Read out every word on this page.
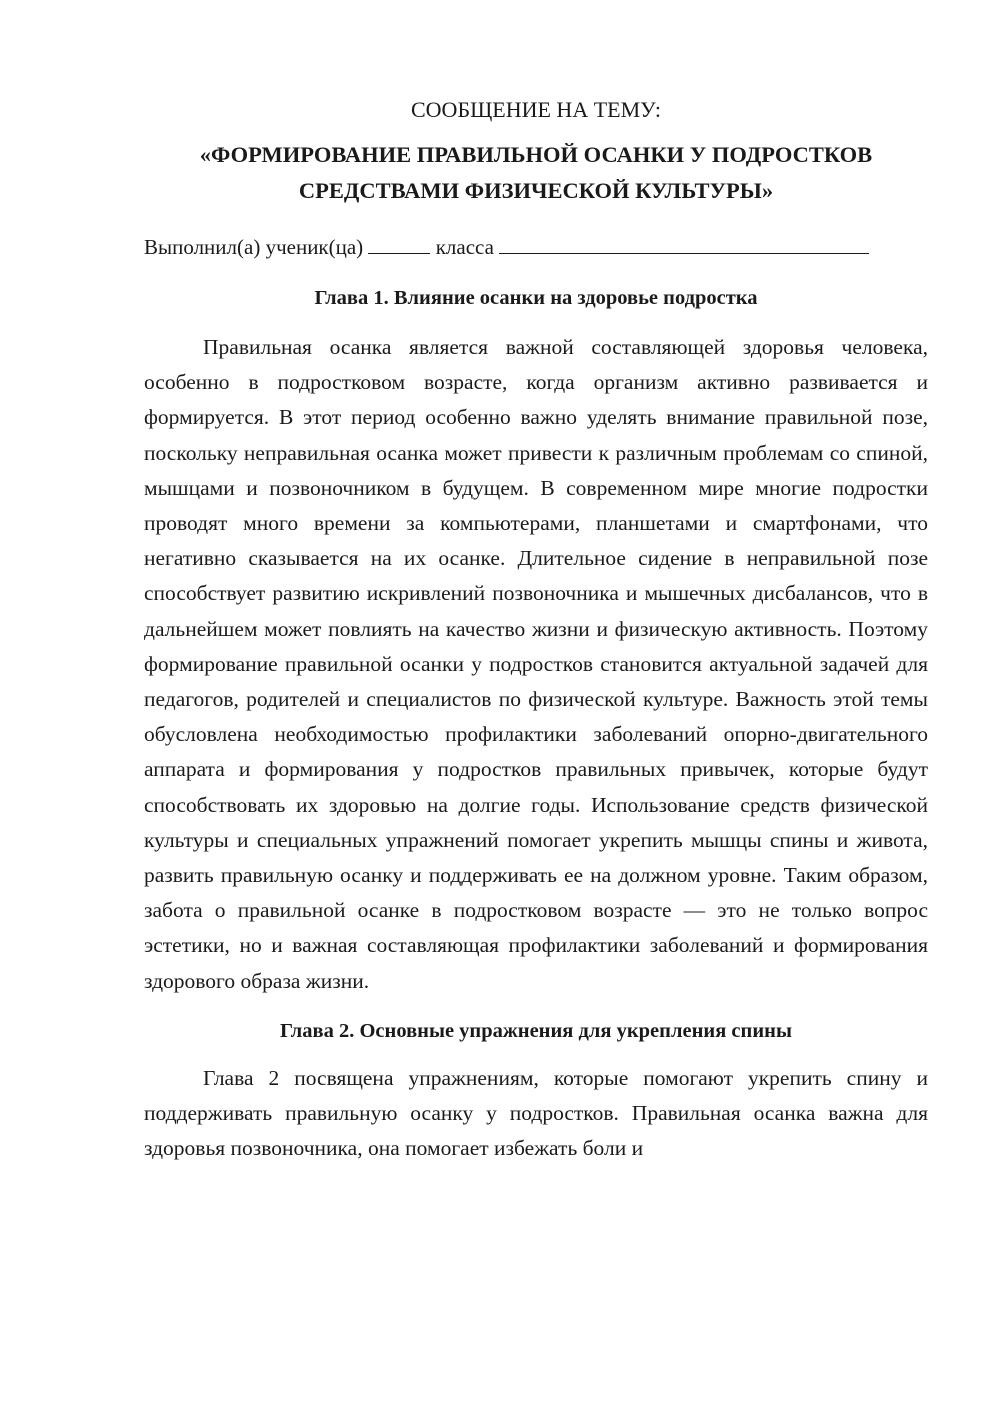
СООБЩЕНИЕ НА ТЕМУ:
«ФОРМИРОВАНИЕ ПРАВИЛЬНОЙ ОСАНКИ У ПОДРОСТКОВ
СРЕДСТВАМИ ФИЗИЧЕСКОЙ КУЛЬТУРЫ»
Выполнил(а) ученик(ца)	класса
Глава 1. Влияние осанки на здоровье подростка

Правильная осанка является важной составляющей здоровья человека, особенно в подростковом возрасте, когда организм активно развивается и формируется. В этот период особенно важно уделять внимание правильной позе, поскольку неправильная осанка может привести к различным проблемам со спиной, мышцами и позвоночником в будущем. В современном мире многие подростки проводят много времени за компьютерами, планшетами и смартфонами, что негативно сказывается на их осанке. Длительное сидение в неправильной позе способствует развитию искривлений позвоночника и мышечных дисбалансов, что в дальнейшем может повлиять на качество жизни и физическую активность. Поэтому формирование правильной осанки у подростков становится актуальной задачей для педагогов, родителей и специалистов по физической культуре. Важность этой темы обусловлена необходимостью профилактики заболеваний опорно-двигательного аппарата и формирования у подростков правильных привычек, которые будут способствовать их здоровью на долгие годы. Использование средств физической культуры и специальных упражнений помогает укрепить мышцы спины и живота, развить правильную осанку и поддерживать ее на должном уровне. Таким образом, забота о правильной осанке в подростковом возрасте — это не только вопрос эстетики, но и важная составляющая профилактики заболеваний и формирования здорового образа жизни.

Глава 2. Основные упражнения для укрепления спины

Глава 2 посвящена упражнениям, которые помогают укрепить спину и поддерживать правильную осанку у подростков. Правильная осанка важна для здоровья позвоночника, она помогает избежать боли и
